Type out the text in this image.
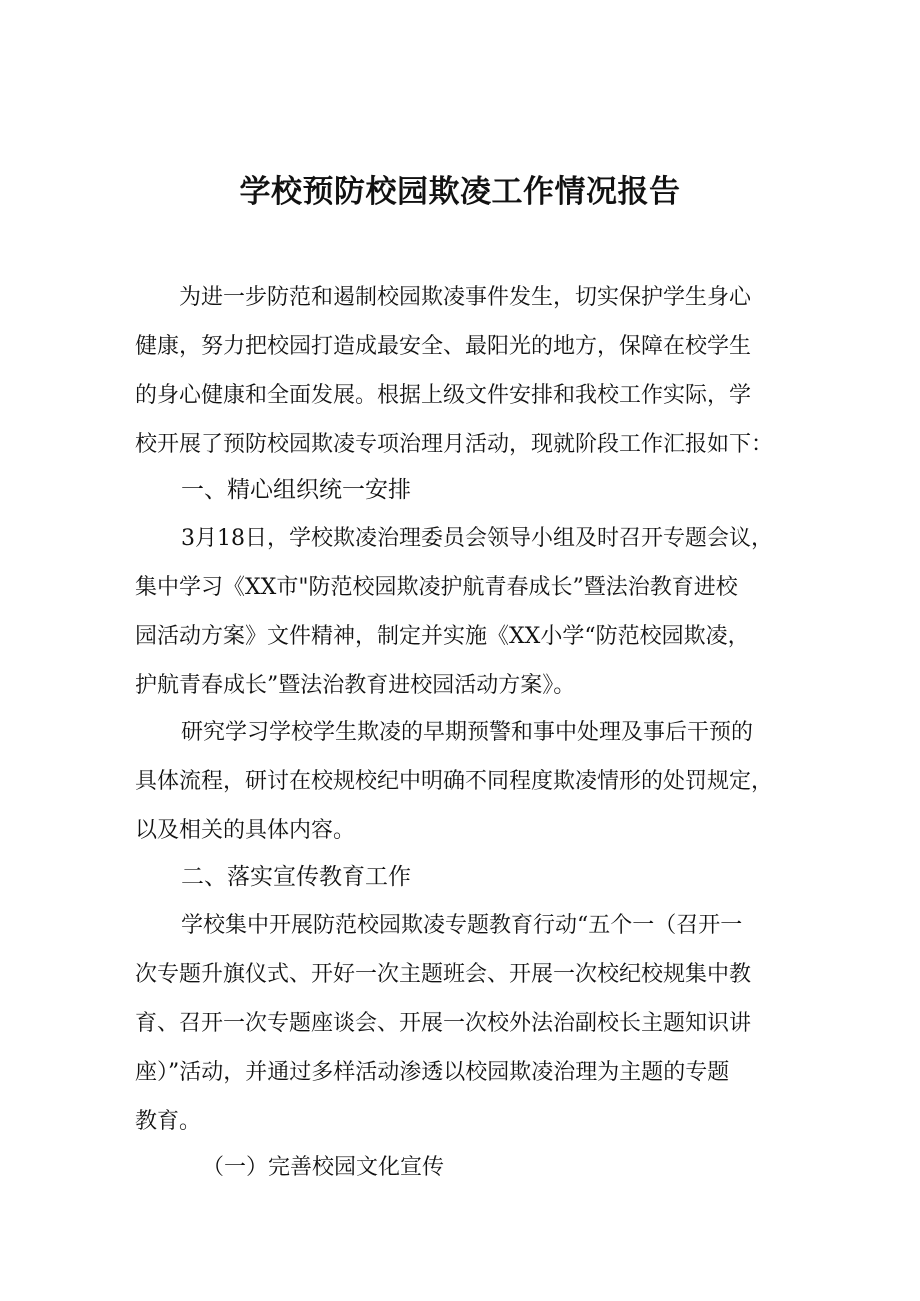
学校预防校园欺凌工作情况报告
为进一步防范和遏制校园欺凌事件发生，切实保护学生身心
健康，努力把校园打造成最安全、最阳光的地方，保障在校学生
的身心健康和全面发展。根据上级文件安排和我校工作实际，学
校开展了预防校园欺凌专项治理月活动，现就阶段工作汇报如下：
一、精心组织统一安排
3月18日，学校欺凌治理委员会领导小组及时召开专题会议，
集中学习《XX市"防范校园欺凌护航青春成长”暨法治教育进校
园活动方案》文件精神，制定并实施《XX小学“防范校园欺凌，
护航青春成长”暨法治教育进校园活动方案》。
研究学习学校学生欺凌的早期预警和事中处理及事后干预的
具体流程，研讨在校规校纪中明确不同程度欺凌情形的处罚规定，
以及相关的具体内容。
二、落实宣传教育工作
学校集中开展防范校园欺凌专题教育行动“五个一（召开一
次专题升旗仪式、开好一次主题班会、开展一次校纪校规集中教
育、召开一次专题座谈会、开展一次校外法治副校长主题知识讲
座）”活动，并通过多样活动渗透以校园欺凌治理为主题的专题
教育。
（一）完善校园文化宣传
